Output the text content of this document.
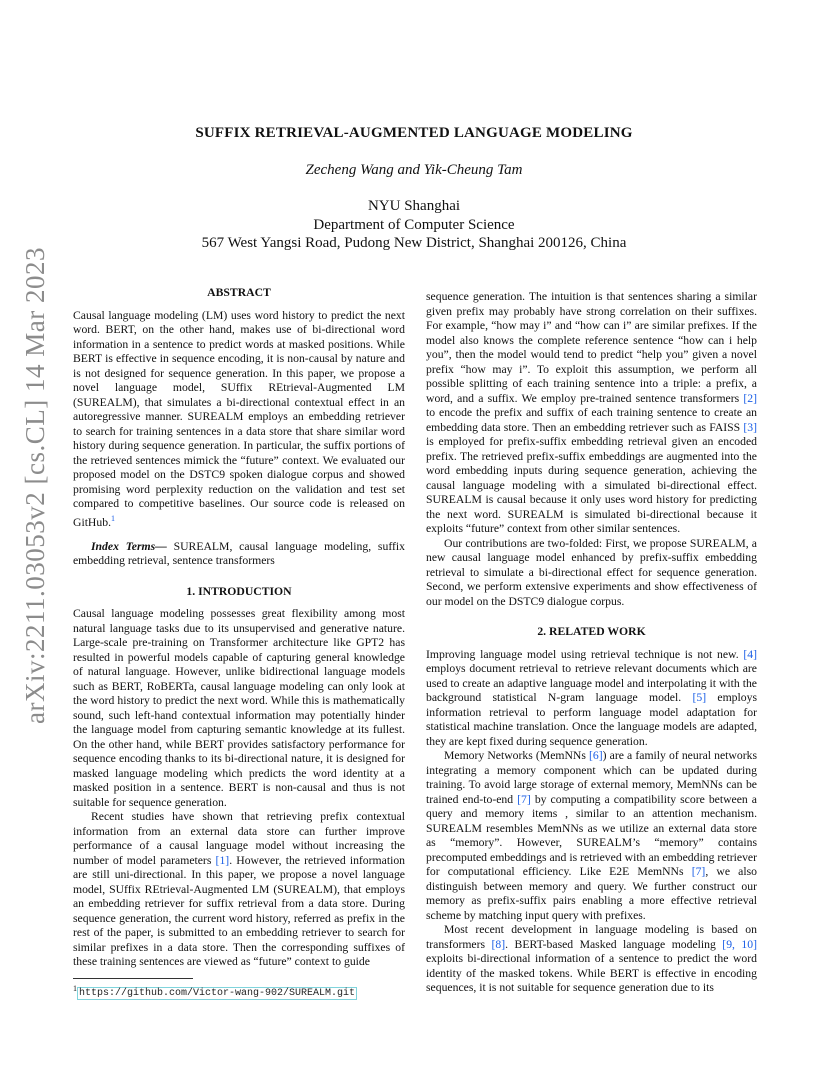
arXiv:2211.03053v2 [cs.CL] 14 Mar 2023
SUFFIX RETRIEVAL-AUGMENTED LANGUAGE MODELING
Zecheng Wang and Yik-Cheung Tam
NYU Shanghai
Department of Computer Science
567 West Yangsi Road, Pudong New District, Shanghai 200126, China
ABSTRACT

Causal language modeling (LM) uses word history to predict the next word. BERT, on the other hand, makes use of bi-directional word information in a sentence to predict words at masked positions. While BERT is effective in sequence encoding, it is non-causal by nature and is not designed for sequence generation. In this paper, we propose a novel language model, SUffix REtrieval-Augmented LM (SUREALM), that simulates a bi-directional contextual effect in an autoregressive manner. SUREALM employs an embedding retriever to search for training sentences in a data store that share similar word history during sequence generation. In particular, the suffix portions of the retrieved sentences mimick the “future” context. We evaluated our proposed model on the DSTC9 spoken dialogue corpus and showed promising word perplexity reduction on the validation and test set compared to competitive baselines. Our source code is released on GitHub.$^1$

Index Terms— SUREALM, causal language modeling, suffix embedding retrieval, sentence transformers

1. INTRODUCTION

Causal language modeling possesses great flexibility among most natural language tasks due to its unsupervised and generative nature. Large-scale pre-training on Transformer architecture like GPT2 has resulted in powerful models capable of capturing general knowledge of natural language. However, unlike bidirectional language models such as BERT, RoBERTa, causal language modeling can only look at the word history to predict the next word. While this is mathematically sound, such left-hand contextual information may potentially hinder the language model from capturing semantic knowledge at its fullest. On the other hand, while BERT provides satisfactory performance for sequence encoding thanks to its bi-directional nature, it is designed for masked language modeling which predicts the word identity at a masked position in a sentence. BERT is non-causal and thus is not suitable for sequence generation.

Recent studies have shown that retrieving prefix contextual information from an external data store can further improve performance of a causal language model without increasing the number of model parameters [1]. However, the retrieved information are still uni-directional. In this paper, we propose a novel language model, SUffix REtrieval-Augmented LM (SUREALM), that employs an embedding retriever for suffix retrieval from a data store. During sequence generation, the current word history, referred as prefix in the rest of the paper, is submitted to an embedding retriever to search for similar prefixes in a data store. Then the corresponding suffixes of these training sentences are viewed as “future” context to guide

$^1$ https://github.com/Victor-wang-902/SUREALM.git

sequence generation. The intuition is that sentences sharing a similar given prefix may probably have strong correlation on their suffixes. For example, “how may i” and “how can i” are similar prefixes. If the model also knows the complete reference sentence “how can i help you”, then the model would tend to predict “help you” given a novel prefix “how may i”. To exploit this assumption, we perform all possible splitting of each training sentence into a triple: a prefix, a word, and a suffix. We employ pre-trained sentence transformers [2] to encode the prefix and suffix of each training sentence to create an embedding data store. Then an embedding retriever such as FAISS [3] is employed for prefix-suffix embedding retrieval given an encoded prefix. The retrieved prefix-suffix embeddings are augmented into the word embedding inputs during sequence generation, achieving the causal language modeling with a simulated bi-directional effect. SUREALM is causal because it only uses word history for predicting the next word. SUREALM is simulated bi-directional because it exploits “future” context from other similar sentences.

Our contributions are two-folded: First, we propose SUREALM, a new causal language model enhanced by prefix-suffix embedding retrieval to simulate a bi-directional effect for sequence generation. Second, we perform extensive experiments and show effectiveness of our model on the DSTC9 dialogue corpus.

2. RELATED WORK

Improving language model using retrieval technique is not new. [4] employs document retrieval to retrieve relevant documents which are used to create an adaptive language model and interpolating it with the background statistical N-gram language model. [5] employs information retrieval to perform language model adaptation for statistical machine translation. Once the language models are adapted, they are kept fixed during sequence generation.

Memory Networks (MemNNs [6]) are a family of neural networks integrating a memory component which can be updated during training. To avoid large storage of external memory, MemNNs can be trained end-to-end [7] by computing a compatibility score between a query and memory items , similar to an attention mechanism. SUREALM resembles MemNNs as we utilize an external data store as “memory”. However, SUREALM’s “memory” contains precomputed embeddings and is retrieved with an embedding retriever for computational efficiency. Like E2E MemNNs [7], we also distinguish between memory and query. We further construct our memory as prefix-suffix pairs enabling a more effective retrieval scheme by matching input query with prefixes.

Most recent development in language modeling is based on transformers [8]. BERT-based Masked language modeling [9, 10] exploits bi-directional information of a sentence to predict the word identity of the masked tokens. While BERT is effective in encoding sequences, it is not suitable for sequence generation due to its
